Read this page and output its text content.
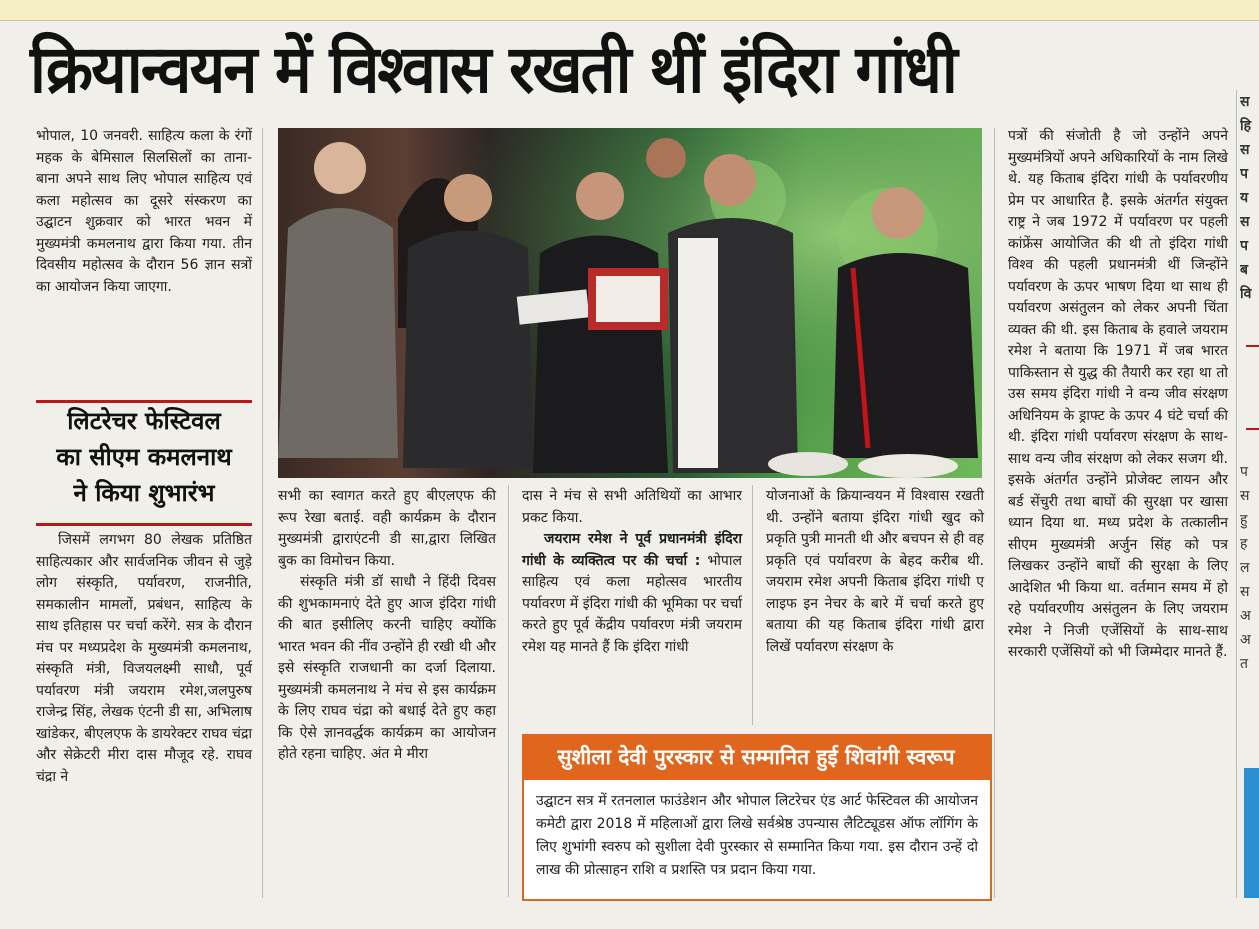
क्रियान्वयन में विश्वास रखती थीं इंदिरा गांधी

भोपाल, 10 जनवरी. साहित्य कला के रंगों महक के बेमिसाल सिलसिलों का ताना-बाना अपने साथ लिए भोपाल साहित्य एवं कला महोत्सव का दूसरे संस्करण का उद्घाटन शुक्रवार को भारत भवन में मुख्यमंत्री कमलनाथ द्वारा किया गया. तीन दिवसीय महोत्सव के दौरान 56 ज्ञान सत्रों का आयोजन किया जाएगा.

लिटरेचर फेस्टिवल
का सीएम कमलनाथ
ने किया शुभारंभ

जिसमें लगभग 80 लेखक प्रतिष्ठित साहित्यकार और सार्वजनिक जीवन से जुड़े लोग संस्कृति, पर्यावरण, राजनीति, समकालीन मामलों, प्रबंधन, साहित्य के साथ इतिहास पर चर्चा करेंगे. सत्र के दौरान मंच पर मध्यप्रदेश के मुख्यमंत्री कमलनाथ, संस्कृति मंत्री, विजयलक्ष्मी साधौ, पूर्व पर्यावरण मंत्री जयराम रमेश,जलपुरुष राजेन्द्र सिंह, लेखक एंटनी डी सा, अभिलाष खांडेकर, बीएलएफ के डायरेक्टर राघव चंद्रा और सेक्रेटरी मीरा दास मौजूद रहे. राघव चंद्रा ने

सभी का स्वागत करते हुए बीएलएफ की रूप रेखा बताई. वही कार्यक्रम के दौरान मुख्यमंत्री द्वाराएंटनी डी सा,द्वारा लिखित बुक का विमोचन किया.

संस्कृति मंत्री डॉ साधौ ने हिंदी दिवस की शुभकामनाएं देते हुए आज इंदिरा गांधी की बात इसीलिए करनी चाहिए क्योंकि भारत भवन की नींव उन्होंने ही रखी थी और इसे संस्कृति राजधानी का दर्जा दिलाया. मुख्यमंत्री कमलनाथ ने मंच से इस कार्यक्रम के लिए राघव चंद्रा को बधाई देते हुए कहा कि ऐसे ज्ञानवर्द्धक कार्यक्रम का आयोजन होते रहना चाहिए. अंत मे मीरा

दास ने मंच से सभी अतिथियों का आभार प्रकट किया.

जयराम रमेश ने पूर्व प्रधानमंत्री इंदिरा गांधी के व्यक्तित्व पर की चर्चा : भोपाल साहित्य एवं कला महोत्सव भारतीय पर्यावरण में इंदिरा गांधी की भूमिका पर चर्चा करते हुए पूर्व केंद्रीय पर्यावरण मंत्री जयराम रमेश यह मानते हैं कि इंदिरा गांधी

योजनाओं के क्रियान्वयन में विश्वास रखती थी. उन्होंने बताया इंदिरा गांधी खुद को प्रकृति पुत्री मानती थी और बचपन से ही वह प्रकृति एवं पर्यावरण के बेहद करीब थी. जयराम रमेश अपनी किताब इंदिरा गांधी ए लाइफ इन नेचर के बारे में चर्चा करते हुए बताया की यह किताब इंदिरा गांधी द्वारा लिखें पर्यावरण संरक्षण के

सुशीला देवी पुरस्कार से सम्मानित हुई शिवांगी स्वरूप
उद्घाटन सत्र में रतनलाल फाउंडेशन और भोपाल लिटरेचर एंड आर्ट फेस्टिवल की आयोजन कमेटी द्वारा 2018 में महिलाओं द्वारा लिखे सर्वश्रेष्ठ उपन्यास लैटिट्यूडस ऑफ लॉगिंग के लिए शुभांगी स्वरुप को सुशीला देवी पुरस्कार से सम्मानित किया गया. इस दौरान उन्हें दो लाख की प्रोत्साहन राशि व प्रशस्ति पत्र प्रदान किया गया.

पत्रों की संजोती है जो उन्होंने अपने मुख्यमंत्रियों अपने अधिकारियों के नाम लिखे थे. यह किताब इंदिरा गांधी के पर्यावरणीय प्रेम पर आधारित है. इसके अंतर्गत संयुक्त राष्ट्र ने जब 1972 में पर्यावरण पर पहली कांफ्रेंस आयोजित की थी तो इंदिरा गांधी विश्व की पहली प्रधानमंत्री थीं जिन्होंने पर्यावरण के ऊपर भाषण दिया था साथ ही पर्यावरण असंतुलन को लेकर अपनी चिंता व्यक्त की थी. इस किताब के हवाले जयराम रमेश ने बताया कि 1971 में जब भारत पाकिस्तान से युद्ध की तैयारी कर रहा था तो उस समय इंदिरा गांधी ने वन्य जीव संरक्षण अधिनियम के ड्राफ्ट के ऊपर 4 घंटे चर्चा की थी. इंदिरा गांधी पर्यावरण संरक्षण के साथ-साथ वन्य जीव संरक्षण को लेकर सजग थी. इसके अंतर्गत उन्होंने प्रोजेक्ट लायन और बर्ड सेंचुरी तथा बाघों की सुरक्षा पर खासा ध्यान दिया था. मध्य प्रदेश के तत्कालीन सीएम मुख्यमंत्री अर्जुन सिंह को पत्र लिखकर उन्होंने बाघों की सुरक्षा के लिए आदेशित भी किया था. वर्तमान समय में हो रहे पर्यावरणीय असंतुलन के लिए जयराम रमेश ने निजी एजेंसियों के साथ-साथ सरकारी एजेंसियों को भी जिम्मेदार मानते हैं.

स हि स प य स प ब वि
प स हु ह ल स अ अ त
